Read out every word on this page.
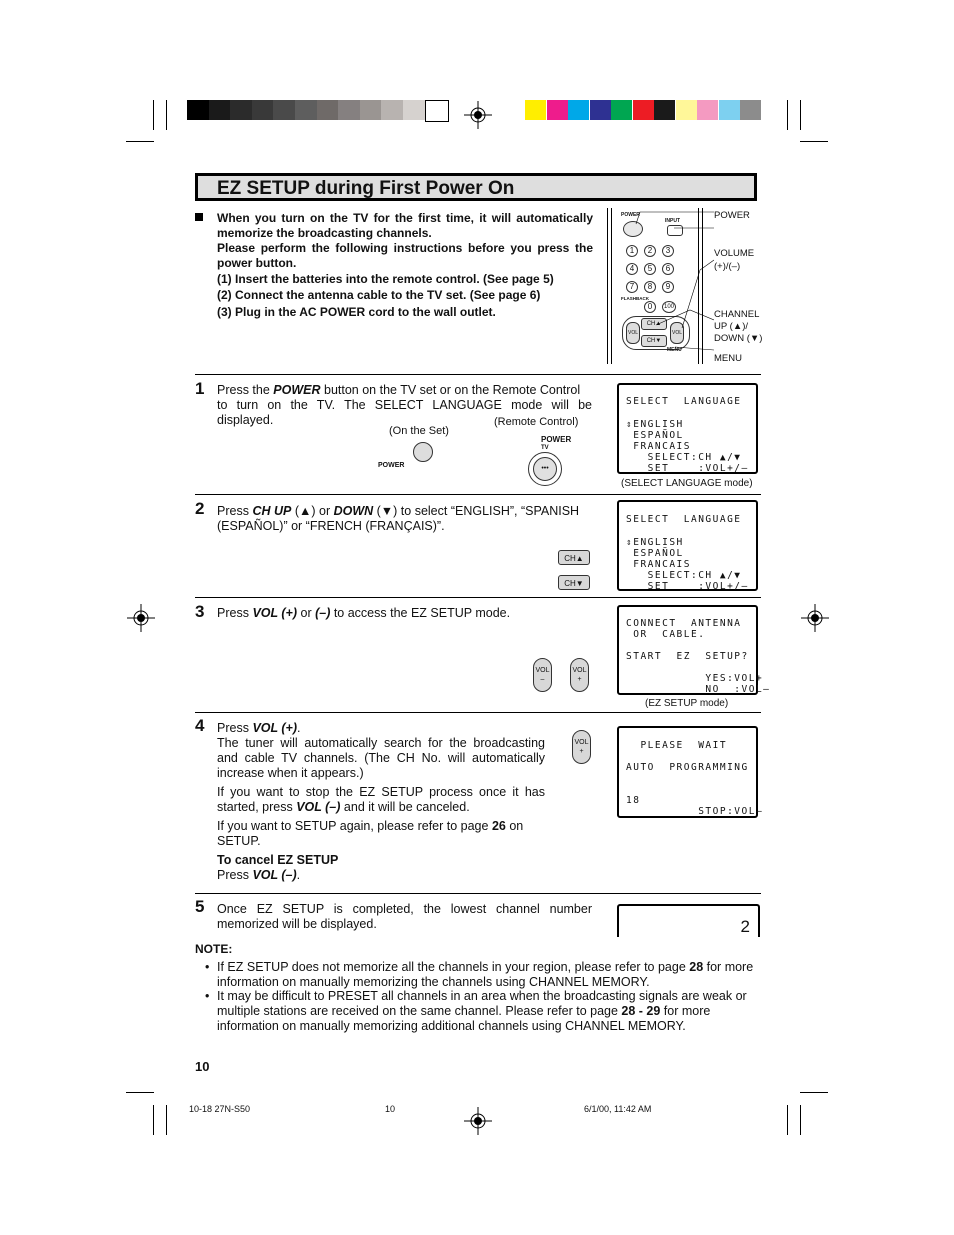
EZ SETUP during First Power On
When you turn on the TV for the first time, it will automatically
memorize the broadcasting channels.
Please perform the following instructions before you press the
power button.
(1) Insert the batteries into the remote control. (See page 5)
(2) Connect the antenna cable to the TV set. (See page 6)
(3) Plug in the AC POWER cord to the wall outlet.
POWER
INPUT
1	2	3
4	5	6
7	8	9
0	100
FLASHBACK
CH▲
CH▼
VOL	VOL
MENU
POWER
VOLUME
(+)/(–)
CHANNEL
UP (▲)/
DOWN (▼)
MENU
1 Press the POWER button on the TV set or on the Remote Control
to turn on the TV. The SELECT LANGUAGE mode will be
displayed.
(On the Set)
(Remote Control)
POWER
POWER
TV
•••
SELECT  LANGUAGE
⇕ENGLISH
ESPAÑOL
FRANCAIS
SELECT:CH ▲/▼
SET    :VOL+/–
(SELECT LANGUAGE mode)
2 Press CH UP (▲) or DOWN (▼) to select “ENGLISH”, “SPANISH
(ESPAÑOL)” or “FRENCH (FRANÇAIS)”.
CH▲
CH▼
SELECT  LANGUAGE
⇕ENGLISH
ESPAÑOL
FRANCAIS
SELECT:CH ▲/▼
SET    :VOL+/–
3 Press VOL (+) or (–) to access the EZ SETUP mode.
VOL
–
VOL
+
CONNECT  ANTENNA
OR  CABLE.
START  EZ  SETUP?
YES:VOL+
NO  :VOL–
(EZ SETUP mode)
4 Press VOL (+).
The tuner will automatically search for the broadcasting
and cable TV channels. (The CH No. will automatically
increase when it appears.)
If you want to stop the EZ SETUP process once it has
started, press VOL (–) and it will be canceled.
If you want to SETUP again, please refer to page 26 on
SETUP.
To cancel EZ SETUP
Press VOL (–).
VOL
+
PLEASE  WAIT
AUTO  PROGRAMMING
18
STOP:VOL–
5 Once EZ SETUP is completed, the lowest channel number
memorized will be displayed.	2
NOTE:
• If EZ SETUP does not memorize all the channels in your region, please refer to page 28 for more information on manually memorizing the channels using CHANNEL MEMORY.
• It may be difficult to PRESET all channels in an area when the broadcasting signals are weak or multiple stations are received on the same channel. Please refer to page 28 - 29 for more information on manually memorizing additional channels using CHANNEL MEMORY.
10
10-18 27N-S50	10	6/1/00, 11:42 AM
